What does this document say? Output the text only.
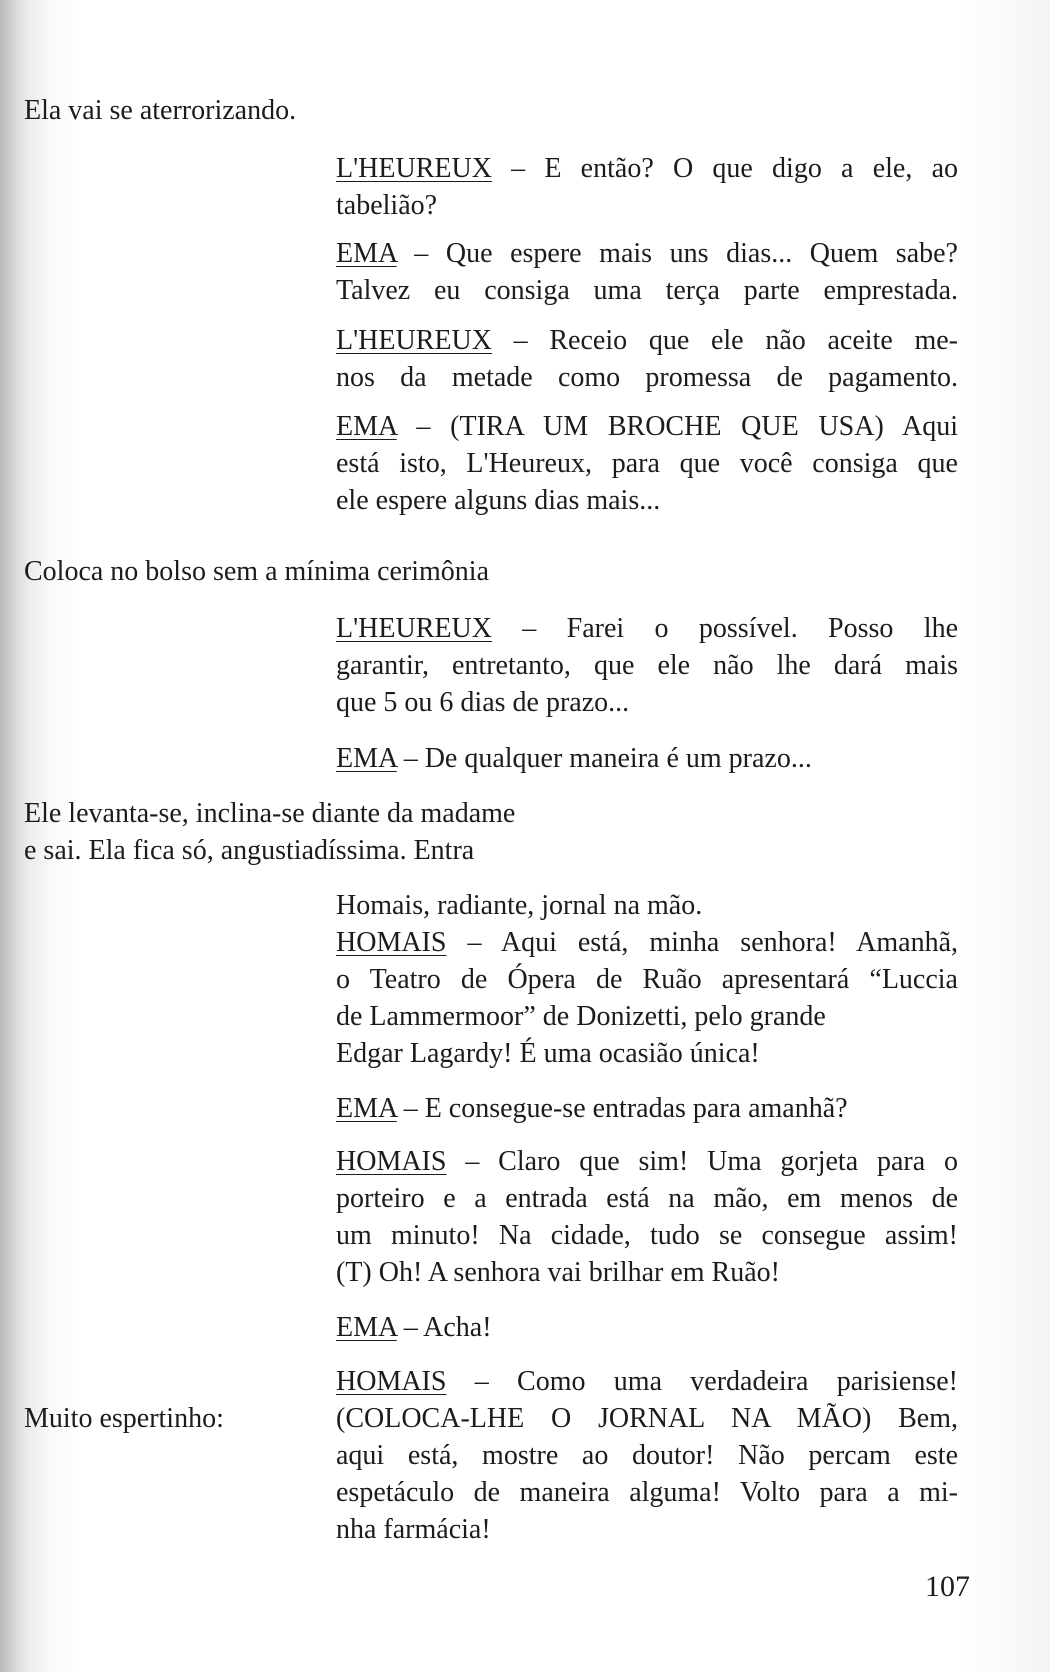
Ela vai se aterrorizando.
L'HEUREUX – E então? O que digo a ele, ao
tabelião?
EMA – Que espere mais uns dias... Quem sabe?
Talvez eu consiga uma terça parte emprestada.
L'HEUREUX – Receio que ele não aceite me-
nos da metade como promessa de pagamento.
EMA – (TIRA UM BROCHE QUE USA) Aqui
está isto, L'Heureux, para que você consiga que
ele espere alguns dias mais...
Coloca no bolso sem a mínima cerimônia
L'HEUREUX – Farei o possível. Posso lhe
garantir, entretanto, que ele não lhe dará mais
que 5 ou 6 dias de prazo...
EMA – De qualquer maneira é um prazo...
Ele levanta-se, inclina-se diante da madame
e sai. Ela fica só, angustiadíssima. Entra
Homais, radiante, jornal na mão.
HOMAIS – Aqui está, minha senhora! Amanhã,
o Teatro de Ópera de Ruão apresentará “Luccia
de Lammermoor” de Donizetti, pelo grande
Edgar Lagardy! É uma ocasião única!
EMA – E consegue-se entradas para amanhã?
HOMAIS – Claro que sim! Uma gorjeta para o
porteiro e a entrada está na mão, em menos de
um minuto! Na cidade, tudo se consegue assim!
(T) Oh! A senhora vai brilhar em Ruão!
EMA – Acha!
Muito espertinho:
HOMAIS – Como uma verdadeira parisiense!
(COLOCA-LHE O JORNAL NA MÃO) Bem,
aqui está, mostre ao doutor! Não percam este
espetáculo de maneira alguma! Volto para a mi-
nha farmácia!
107
